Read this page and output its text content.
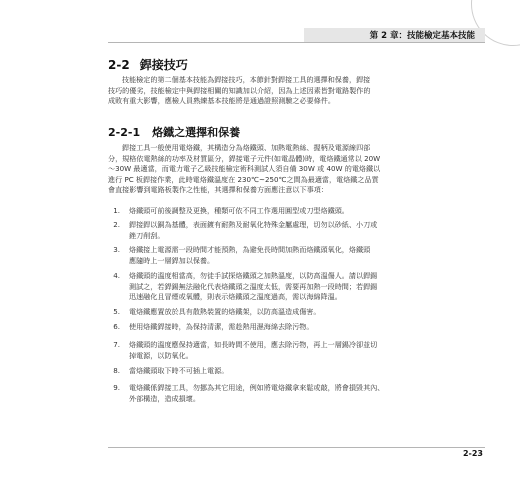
第 2 章：技能檢定基本技能
2-2 銲接技巧
技能檢定的第二個基本技能為銲接技巧，本節針對銲接工具的選擇和保養，銲接
技巧的優劣，技能檢定中與銲接相關的知識加以介紹，因為上述因素皆對電路製作的
成敗有重大影響，應檢人員熟練基本技能將是通過證照測驗之必要條件。
2-2-1 烙鐵之選擇和保養
銲接工具一般使用電烙鐵，其構造分為烙鐵頭、加熱電熱絲、握柄及電源線四部
分，規格依電熱絲的功率及材質區分，銲接電子元件(如電晶體)時，電烙鐵通常以 20W
～30W 最適當，而電力電子乙級技能檢定術科測試人須自備 30W 或 40W 的電烙鐵以
進行 PC 板銲接作業，此時電烙鐵溫度在 230℃~250℃之間為最適當，電烙鐵之品質
會直接影響到電路板製作之性能，其選擇和保養方面應注意以下事項：
1. 烙鐵頭可前後調整及更換，種類可依不同工作選用圓型或刀型烙鐵頭。
2. 銲接銲以銅為基體，表面鍍有耐熱及耐氧化特殊金屬處理，切勿以砂紙、小刀或
銼刀削刮。
3. 烙鐵接上電源需一段時間才能預熱，為避免長時間加熱而烙鐵頭氧化，烙鐵頭
應隨時上一層銲加以保養。
4. 烙鐵頭的溫度相當高，勿徒手試探烙鐵頭之加熱溫度，以防高溫傷人。請以銲錫
測試之，若銲錫無法融化代表烙鐵頭之溫度太低，需要再加熱一段時間；若銲錫
迅速融化且冒煙或氧體，則表示烙鐵頭之溫度過高，需以海綿降溫。
5. 電烙鐵應置放於具有散熱裝置的烙鐵架，以防高溫造成傷害。
6. 使用烙鐵銲接時，為保持清潔，需趁熱用濕海綿去除污物。
7. 烙鐵頭的溫度應保持適當，如長時間不使用，應去除污物，再上一層錫冷卻並切
掉電源，以防氧化。
8. 當烙鐵頭取下時不可插上電源。
9. 電烙鐵係銲接工具，勿挪為其它用途，例如將電烙鐵拿來鬆或敲，將會損毀其內、
外部構造，造成損壞。
2-23
